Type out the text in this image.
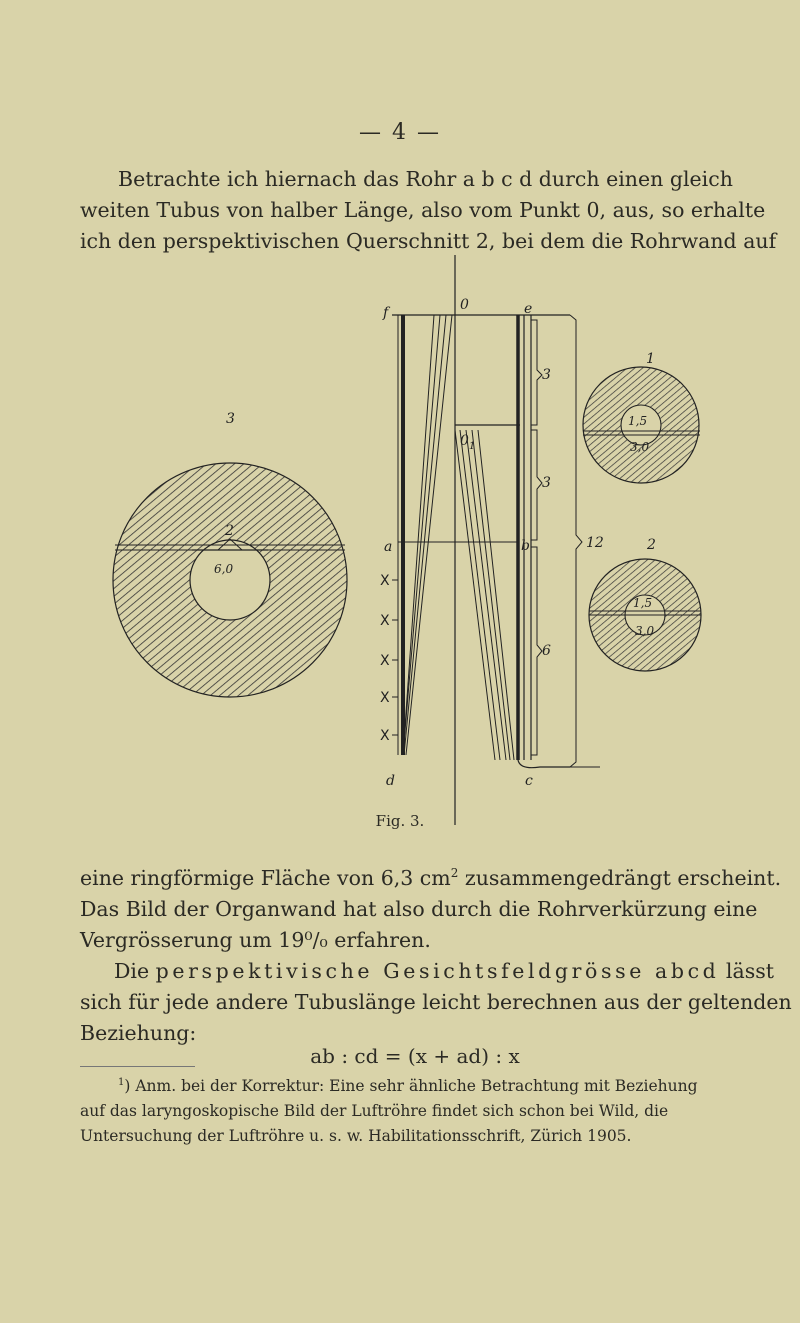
— 4 —

Betrachte ich hiernach das Rohr a b c d durch einen gleich
weiten Tubus von halber Länge, also vom Punkt 0, aus, so erhalte
ich den perspektivischen Querschnitt 2, bei dem die Rohrwand auf

3
2
6,0
f	0
$0_1$
e
3
3
6
12
a	b
c
d
X
X
X
X
X
1
1,5
3,0
2
1,5
3,0
Fig. 3.

eine ringförmige Fläche von 6,3 $cm^2$ zusammengedrängt erscheint.
Das Bild der Organwand hat also durch die Rohrverkürzung eine
Vergrösserung um 19⁰/₀ erfahren.
Die perspektivische Gesichtsfeldgrösse abcd lässt
sich für jede andere Tubuslänge leicht berechnen aus der geltenden
Beziehung:

ab : cd = (x + ad) : x
$^1$) Anm. bei der Korrektur: Eine sehr ähnliche Betrachtung mit Beziehung
auf das laryngoskopische Bild der Luftröhre findet sich schon bei Wild, die
Untersuchung der Luftröhre u. s. w. Habilitationsschrift, Zürich 1905.
